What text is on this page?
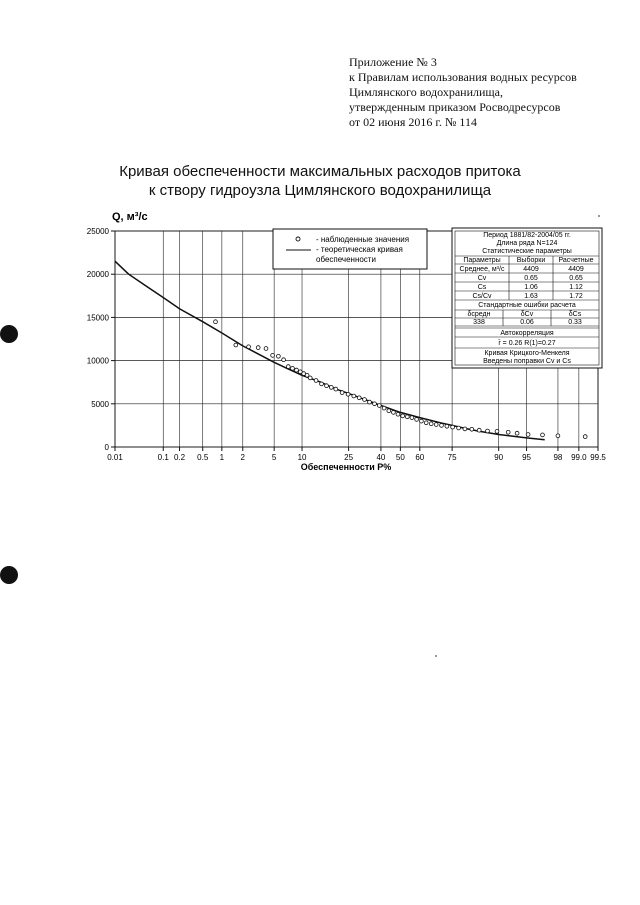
Приложение № 3
к Правилам использования водных ресурсов
Цимлянского водохранилища,
утвержденным приказом Росводресурсов
от 02 июня 2016 г. № 114
Кривая обеспеченности максимальных расходов притока
к створу гидроузла Цимлянского водохранилища
0
5000
10000
15000
20000
25000
0.01	0.1 0.2 0.5 1 2	5	10	25	40 50 60	75	90 95	98 99.0 99.5
Q, м³/с
Обеспеченности P%
- наблюденные значения
- теоретическая кривая
обеспеченности
Период 1881/82-2004/05 гг.
Длина ряда N=124
Статистические параметры
Параметры Выборки Расчетные
Среднее, м³/с	4409	4409
Cv	0.65	0.65
Cs	1.06	1.12
Cs/Cv	1.63	1.72
Стандартные ошибки расчета
δсредн	δCv	δCs
338	0.06	0.33
Автокорреляция
r̄ = 0.26 R(1)=0.27
Кривая Крицкого-Менкеля
Введены поправки Cv и Cs
